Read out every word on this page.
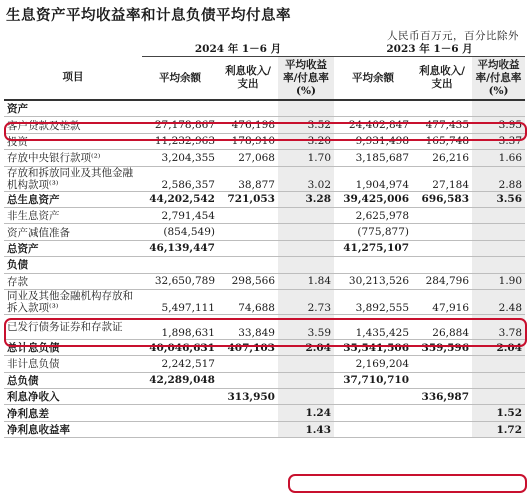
生息资产平均收益率和计息负债平均付息率
人民币百万元，百分比除外
	2024 年 1－6 月			2023 年 1－6 月		
项目	平均余额	利息收入/支出	平均收益率/付息率(%)	平均余额	利息收入/支出	平均收益率/付息率(%)
资产						
客户贷款及垫款	27,178,867	476,198	3.52	24,402,847	477,435	3.95
投资	11,232,963	178,910	3.20	9,931,498	165,748	3.37
存放中央银行款项⁽²⁾	3,204,355	27,068	1.70	3,185,687	26,216	1.66
存放和拆放同业及其他金融机构款项⁽³⁾	2,586,357	38,877	3.02	1,904,974	27,184	2.88
总生息资产	44,202,542	721,053	3.28	39,425,006	696,583	3.56
非生息资产	2,791,454			2,625,978		
资产减值准备	(854,549)			(775,877)		
总资产	46,139,447			41,275,107		
负债						
存款	32,650,789	298,566	1.84	30,213,526	284,796	1.90
同业及其他金融机构存放和拆入款项⁽³⁾	5,497,111	74,688	2.73	3,892,555	47,916	2.48
已发行债务证券和存款证	1,898,631	33,849	3.59	1,435,425	26,884	3.78
总计息负债	40,046,631	407,103	2.04	35,541,506	359,596	2.04
非计息负债	2,242,517			2,169,204		
总负债	42,289,048			37,710,710		
利息净收入		313,950			336,987	
净利息差			1.24			1.52
净利息收益率			1.43			1.72
